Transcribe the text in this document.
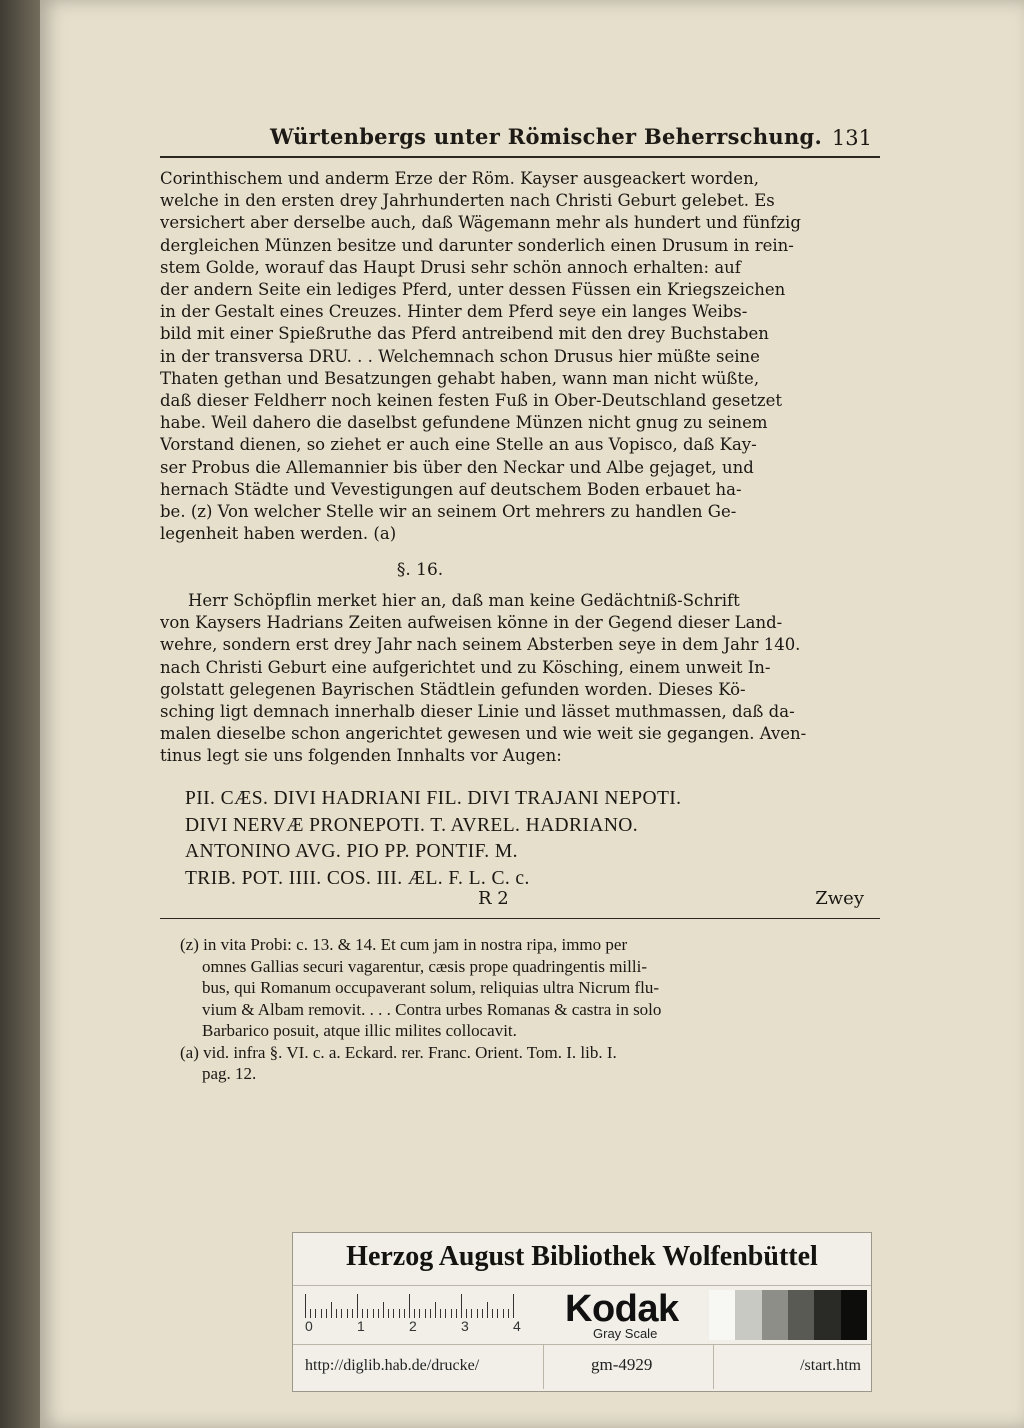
Würtenbergs unter Römischer Beherrschung. 131
Corinthischem und anderm Erze der Röm. Kayser ausgeackert worden,
welche in den ersten drey Jahrhunderten nach Christi Geburt gelebet. Es
versichert aber derselbe auch, daß Wägemann mehr als hundert und fünfzig
dergleichen Münzen besitze und darunter sonderlich einen Drusum in rein-
stem Golde, worauf das Haupt Drusi sehr schön annoch erhalten: auf
der andern Seite ein lediges Pferd, unter dessen Füssen ein Kriegszeichen
in der Gestalt eines Creuzes. Hinter dem Pferd seye ein langes Weibs-
bild mit einer Spießruthe das Pferd antreibend mit den drey Buchstaben
in der transversa DRU. . . Welchemnach schon Drusus hier müßte seine
Thaten gethan und Besatzungen gehabt haben, wann man nicht wüßte,
daß dieser Feldherr noch keinen festen Fuß in Ober-Deutschland gesetzet
habe. Weil dahero die daselbst gefundene Münzen nicht gnug zu seinem
Vorstand dienen, so ziehet er auch eine Stelle an aus Vopisco, daß Kay-
ser Probus die Allemannier bis über den Neckar und Albe gejaget, und
hernach Städte und Vevestigungen auf deutschem Boden erbauet ha-
be. (z) Von welcher Stelle wir an seinem Ort mehrers zu handlen Ge-
legenheit haben werden. (a)
§. 16.
Herr Schöpflin merket hier an, daß man keine Gedächtniß-Schrift
von Kaysers Hadrians Zeiten aufweisen könne in der Gegend dieser Land-
wehre, sondern erst drey Jahr nach seinem Absterben seye in dem Jahr 140.
nach Christi Geburt eine aufgerichtet und zu Kösching, einem unweit In-
golstatt gelegenen Bayrischen Städtlein gefunden worden. Dieses Kö-
sching ligt demnach innerhalb dieser Linie und lässet muthmassen, daß da-
malen dieselbe schon angerichtet gewesen und wie weit sie gegangen. Aven-
tinus legt sie uns folgenden Innhalts vor Augen:
PII. CÆS. DIVI HADRIANI FIL. DIVI TRAJANI NEPOTI.
DIVI NERVÆ PRONEPOTI. T. AVREL. HADRIANO.
ANTONINO AVG. PIO PP. PONTIF. M.
TRIB. POT. IIII. COS. III. ÆL. F. L. C. c.
R 2	Zwey
(z) in vita Probi: c. 13. & 14. Et cum jam in nostra ripa, immo per
omnes Gallias securi vagarentur, cæsis prope quadringentis milli-
bus, qui Romanum occupaverant solum, reliquias ultra Nicrum flu-
vium & Albam removit. . . . Contra urbes Romanas & castra in solo
Barbarico posuit, atque illic milites collocavit.
(a) vid. infra §. VI. c. a. Eckard. rer. Franc. Orient. Tom. I. lib. I.
pag. 12.
Herzog August Bibliothek Wolfenbüttel
0	1	2	3	4 Kodak
Gray Scale
http://diglib.hab.de/drucke/	gm-4929	/start.htm
